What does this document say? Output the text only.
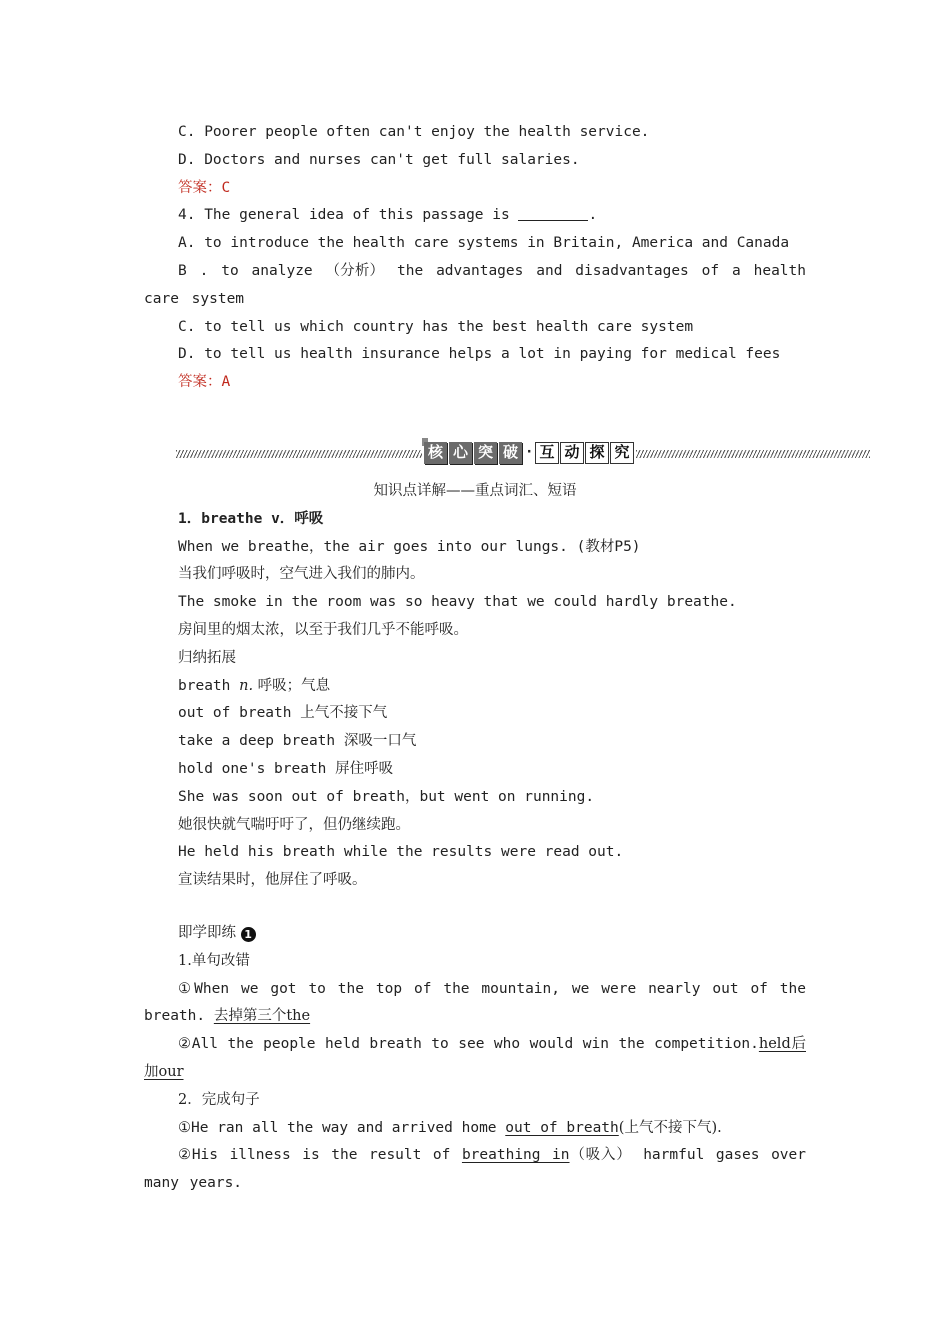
C. Poorer people often can't enjoy the health service.

D. Doctors and nurses can't get full salaries.

答案：C

4. The general idea of this passage is	.

A. to introduce the health care systems in Britain, America and Canada

B . to analyze （分析） the advantages and disadvantages of a health care system

C. to tell us which country has the best health care system

D. to tell us health insurance helps a lot in paying for medical fees

答案：A

核 心 突 破 · 互 动 探 究

知识点详解——重点词汇、短语

1．breathe v．呼吸

When we breathe，the air goes into our lungs. (教材P5)

当我们呼吸时，空气进入我们的肺内。

The smoke in the room was so heavy that we could hardly breathe.

房间里的烟太浓，以至于我们几乎不能呼吸。

归纳拓展

breath n. 呼吸；气息

out of breath 上气不接下气

take a deep breath 深吸一口气

hold one's breath 屏住呼吸

She was soon out of breath，but went on running.

她很快就气喘吁吁了，但仍继续跑。

He held his breath while the results were read out.

宣读结果时，他屏住了呼吸。

即学即练 1

1.单句改错

①When we got to the top of the mountain, we were nearly out of the breath. 去掉第三个the

②All the people held breath to see who would win the competition.held后加our

2．完成句子

①He ran all the way and arrived home out of breath(上气不接下气).

②His illness is the result of breathing in（吸入） harmful gases over many years.
